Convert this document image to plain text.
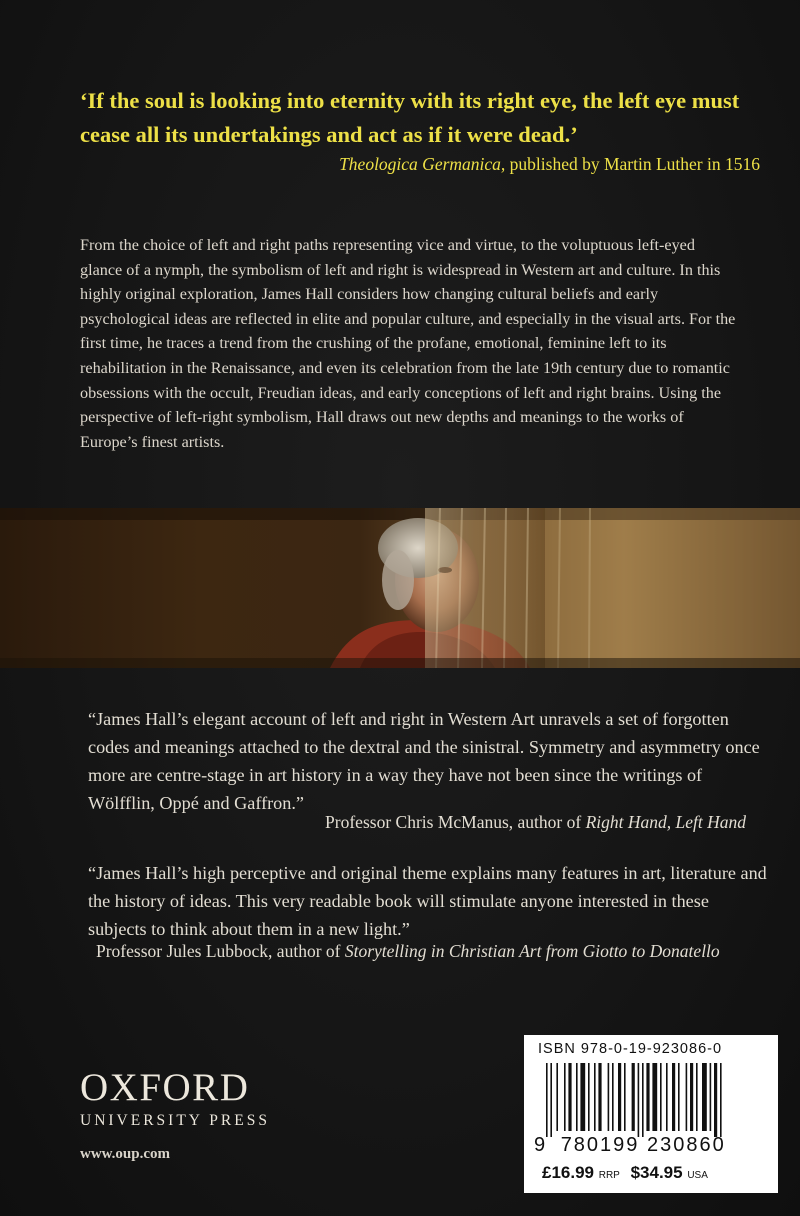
‘If the soul is looking into eternity with its right eye, the left eye must cease all its undertakings and act as if it were dead.’

Theologica Germanica, published by Martin Luther in 1516

From the choice of left and right paths representing vice and virtue, to the voluptuous left-eyed glance of a nymph, the symbolism of left and right is widespread in Western art and culture. In this highly original exploration, James Hall considers how changing cultural beliefs and early psychological ideas are reflected in elite and popular culture, and especially in the visual arts. For the first time, he traces a trend from the crushing of the profane, emotional, feminine left to its rehabilitation in the Renaissance, and even its celebration from the late 19th century due to romantic obsessions with the occult, Freudian ideas, and early conceptions of left and right brains. Using the perspective of left-right symbolism, Hall draws out new depths and meanings to the works of Europe’s finest artists.

“James Hall’s elegant account of left and right in Western Art unravels a set of forgotten codes and meanings attached to the dextral and the sinistral. Symmetry and asymmetry once more are centre-stage in art history in a way they have not been since the writings of Wölfflin, Oppé and Gaffron.”

Professor Chris McManus, author of Right Hand, Left Hand

“James Hall’s high perceptive and original theme explains many features in art, literature and the history of ideas. This very readable book will stimulate anyone interested in these subjects to think about them in a new light.”

Professor Jules Lubbock, author of Storytelling in Christian Art from Giotto to Donatello
OXFORD
UNIVERSITY PRESS
www.oup.com
ISBN 978-0-19-923086-0
9 780199 230860
£16.99 RRP $34.95 USA
